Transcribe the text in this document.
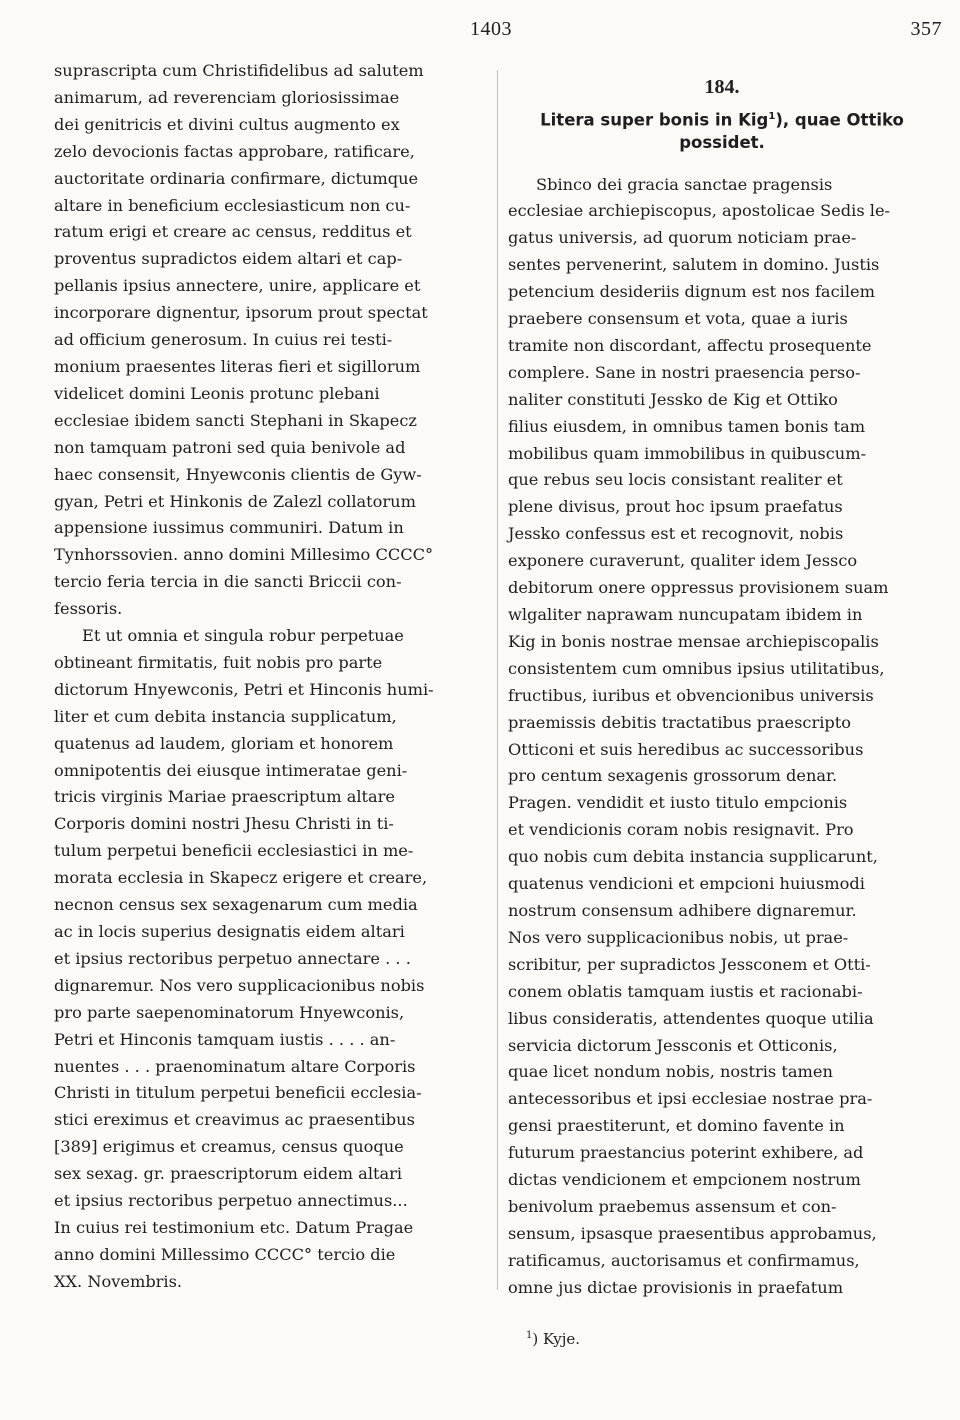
1403	357

suprascripta cum Christifidelibus ad salutem
animarum, ad reverenciam gloriosissimae
dei genitricis et divini cultus augmento ex
zelo devocionis factas approbare, ratificare,
auctoritate ordinaria confirmare, dictumque
altare in beneficium ecclesiasticum non cu-
ratum erigi et creare ac census, redditus et
proventus supradictos eidem altari et cap-
pellanis ipsius annectere, unire, applicare et
incorporare dignentur, ipsorum prout spectat
ad officium generosum. In cuius rei testi-
monium praesentes literas fieri et sigillorum
videlicet domini Leonis protunc plebani
ecclesiae ibidem sancti Stephani in Skapecz
non tamquam patroni sed quia benivole ad
haec consensit, Hnyewconis clientis de Gyw-
gyan, Petri et Hinkonis de Zalezl collatorum
appensione iussimus communiri. Datum in
Tynhorssovien. anno domini Millesimo CCCC°
tercio feria tercia in die sancti Briccii con-
fessoris.

Et ut omnia et singula robur perpetuae
obtineant firmitatis, fuit nobis pro parte
dictorum Hnyewconis, Petri et Hinconis humi-
liter et cum debita instancia supplicatum,
quatenus ad laudem, gloriam et honorem
omnipotentis dei eiusque intimeratae geni-
tricis virginis Mariae praescriptum altare
Corporis domini nostri Jhesu Christi in ti-
tulum perpetui beneficii ecclesiastici in me-
morata ecclesia in Skapecz erigere et creare,
necnon census sex sexagenarum cum media
ac in locis superius designatis eidem altari
et ipsius rectoribus perpetuo annectare . . .
dignaremur. Nos vero supplicacionibus nobis
pro parte saepenominatorum Hnyewconis,
Petri et Hinconis tamquam iustis . . . . an-
nuentes . . . praenominatum altare Corporis
Christi in titulum perpetui beneficii ecclesia-
stici ereximus et creavimus ac praesentibus
[389] erigimus et creamus, census quoque
sex sexag. gr. praescriptorum eidem altari
et ipsius rectoribus perpetuo annectimus...
In cuius rei testimonium etc. Datum Pragae
anno domini Millessimo CCCC° tercio die
XX. Novembris.

184.
Litera super bonis in Kig$^1$), quae Ottiko
possidet.

Sbinco dei gracia sanctae pragensis
ecclesiae archiepiscopus, apostolicae Sedis le-
gatus universis, ad quorum noticiam prae-
sentes pervenerint, salutem in domino. Justis
petencium desideriis dignum est nos facilem
praebere consensum et vota, quae a iuris
tramite non discordant, affectu prosequente
complere. Sane in nostri praesencia perso-
naliter constituti Jessko de Kig et Ottiko
filius eiusdem, in omnibus tamen bonis tam
mobilibus quam immobilibus in quibuscum-
que rebus seu locis consistant realiter et
plene divisus, prout hoc ipsum praefatus
Jessko confessus est et recognovit, nobis
exponere curaverunt, qualiter idem Jessco
debitorum onere oppressus provisionem suam
wlgaliter naprawam nuncupatam ibidem in
Kig in bonis nostrae mensae archiepiscopalis
consistentem cum omnibus ipsius utilitatibus,
fructibus, iuribus et obvencionibus universis
praemissis debitis tractatibus praescripto
Otticoni et suis heredibus ac successoribus
pro centum sexagenis grossorum denar.
Pragen. vendidit et iusto titulo empcionis
et vendicionis coram nobis resignavit. Pro
quo nobis cum debita instancia supplicarunt,
quatenus vendicioni et empcioni huiusmodi
nostrum consensum adhibere dignaremur.
Nos vero supplicacionibus nobis, ut prae-
scribitur, per supradictos Jessconem et Otti-
conem oblatis tamquam iustis et racionabi-
libus consideratis, attendentes quoque utilia
servicia dictorum Jessconis et Otticonis,
quae licet nondum nobis, nostris tamen
antecessoribus et ipsi ecclesiae nostrae pra-
gensi praestiterunt, et domino favente in
futurum praestancius poterint exhibere, ad
dictas vendicionem et empcionem nostrum
benivolum praebemus assensum et con-
sensum, ipsasque praesentibus approbamus,
ratificamus, auctorisamus et confirmamus,
omne jus dictae provisionis in praefatum

$^1$) Kyje.
